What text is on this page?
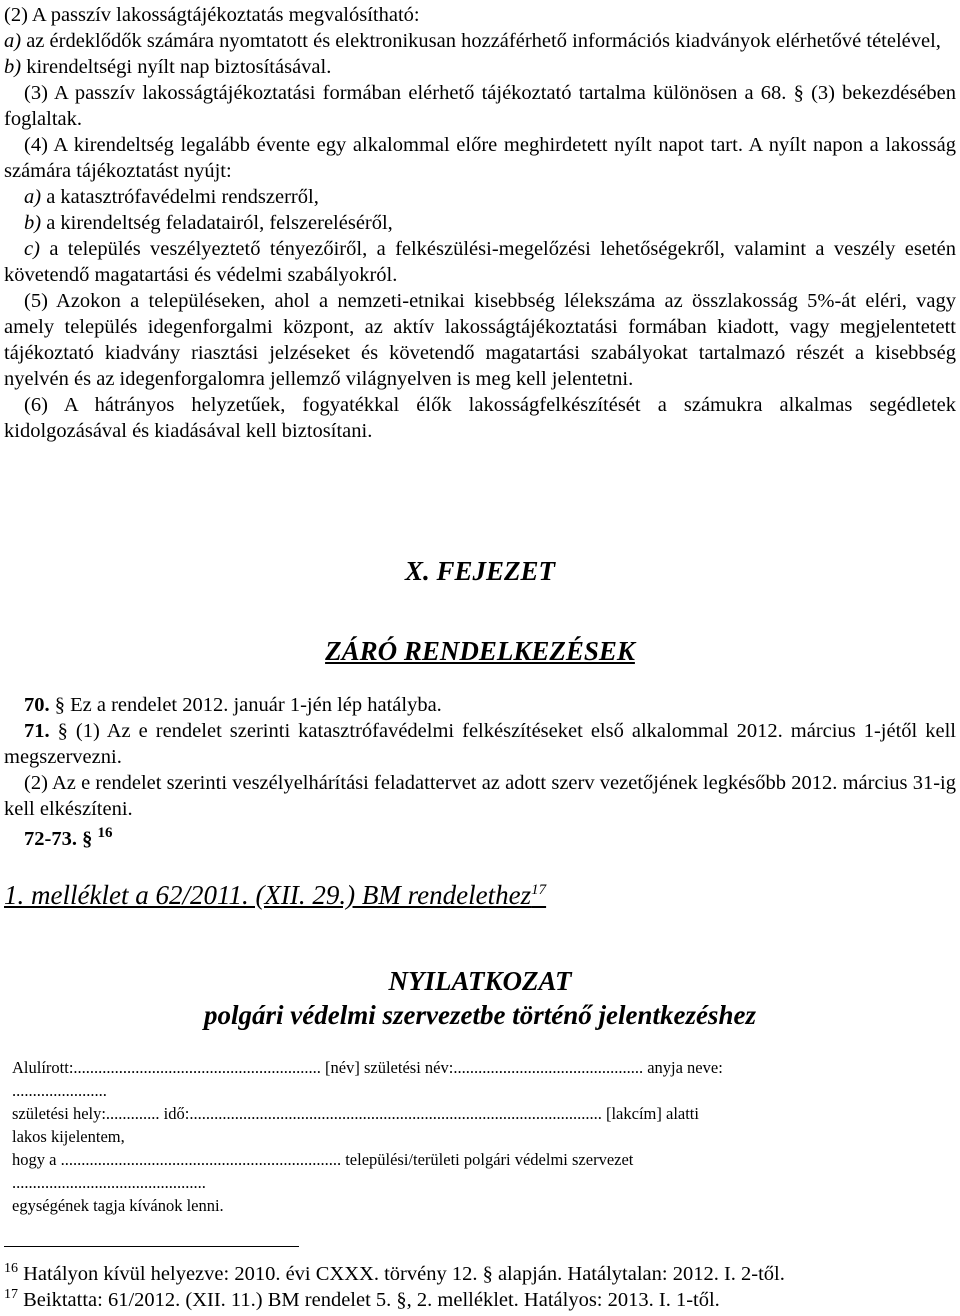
(2) A passzív lakosságtájékoztatás megvalósítható:

a) az érdeklődők számára nyomtatott és elektronikusan hozzáférhető információs kiadványok elérhetővé tételével,

b) kirendeltségi nyílt nap biztosításával.

(3) A passzív lakosságtájékoztatási formában elérhető tájékoztató tartalma különösen a 68. § (3) bekezdésében foglaltak.

(4) A kirendeltség legalább évente egy alkalommal előre meghirdetett nyílt napot tart. A nyílt napon a lakosság számára tájékoztatást nyújt:

a) a katasztrófavédelmi rendszerről,

b) a kirendeltség feladatairól, felszereléséről,

c) a település veszélyeztető tényezőiről, a felkészülési-megelőzési lehetőségekről, valamint a veszély esetén követendő magatartási és védelmi szabályokról.

(5) Azokon a településeken, ahol a nemzeti-etnikai kisebbség lélekszáma az összlakosság 5%-át eléri, vagy amely település idegenforgalmi központ, az aktív lakosságtájékoztatási formában kiadott, vagy megjelentetett tájékoztató kiadvány riasztási jelzéseket és követendő magatartási szabályokat tartalmazó részét a kisebbség nyelvén és az idegenforgalomra jellemző világnyelven is meg kell jelentetni.

(6) A hátrányos helyzetűek, fogyatékkal élők lakosságfelkészítését a számukra alkalmas segédletek kidolgozásával és kiadásával kell biztosítani.

X. FEJEZET

ZÁRÓ RENDELKEZÉSEK

70. § Ez a rendelet 2012. január 1-jén lép hatályba.

71. § (1) Az e rendelet szerinti katasztrófavédelmi felkészítéseket első alkalommal 2012. március 1-jétől kell megszervezni.

(2) Az e rendelet szerinti veszélyelhárítási feladattervet az adott szerv vezetőjének legkésőbb 2012. március 31-ig kell elkészíteni.

72-73. § $^{16}$

1. melléklet a 62/2011. (XII. 29.) BM rendelethez$^{17}$

NYILATKOZAT

polgári védelmi szervezetbe történő jelentkezéshez

Alulírott:............................................................ [név] születési név:.............................................. anyja neve:
.......................
születési hely:............. idő:.................................................................................................... [lakcím] alatti
lakos kijelentem,
hogy a .................................................................... települési/területi polgári védelmi szervezet
...............................................
egységének tagja kívánok lenni.
$^{16}$ Hatályon kívül helyezve: 2010. évi CXXX. törvény 12. § alapján. Hatálytalan: 2012. I. 2-től.
$^{17}$ Beiktatta: 61/2012. (XII. 11.) BM rendelet 5. §, 2. melléklet. Hatályos: 2013. I. 1-től.
